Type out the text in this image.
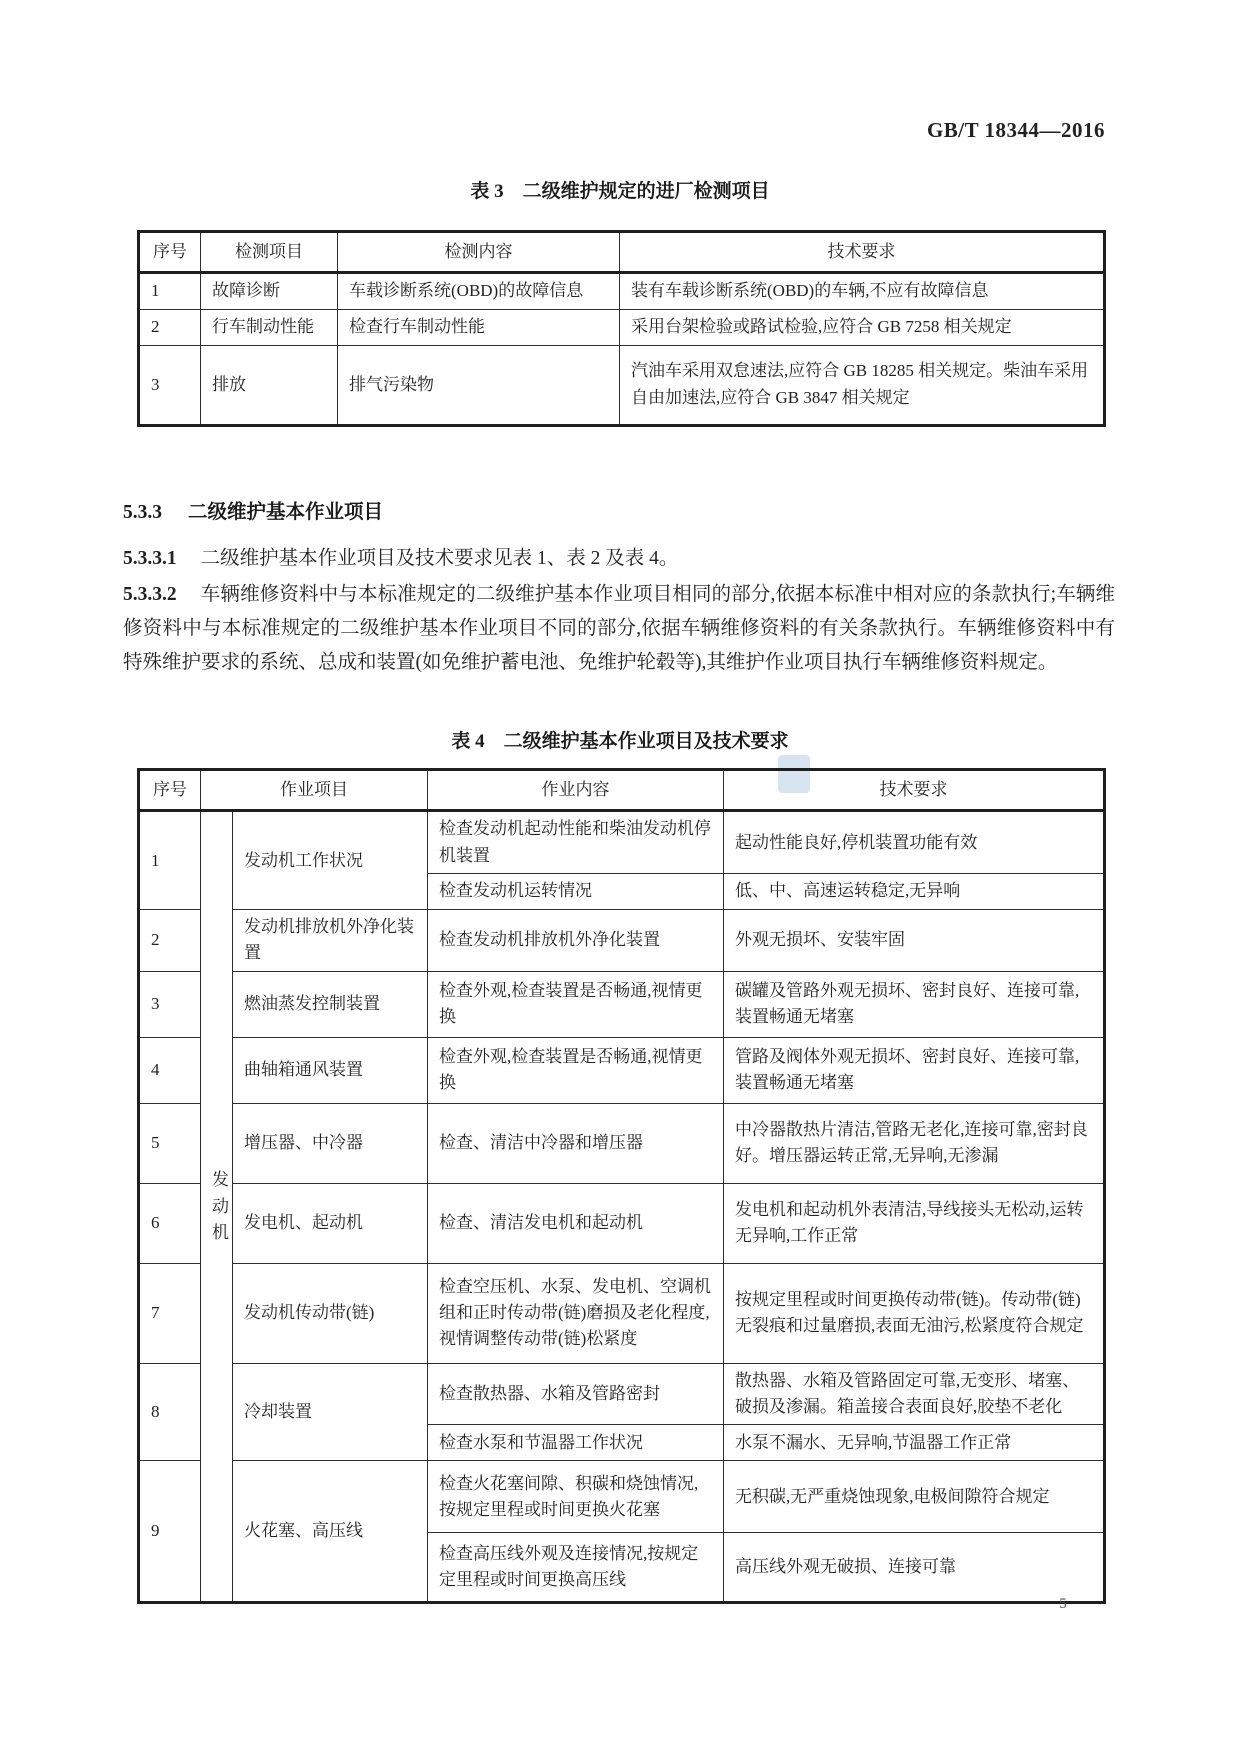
GB/T 18344—2016
表 3　二级维护规定的进厂检测项目
序号	检测项目	检测内容	技术要求
1	故障诊断	车载诊断系统(OBD)的故障信息	装有车载诊断系统(OBD)的车辆,不应有故障信息
2	行车制动性能	检查行车制动性能	采用台架检验或路试检验,应符合 GB 7258 相关规定
3	排放	排气污染物	汽油车采用双怠速法,应符合 GB 18285 相关规定。柴油车采用自由加速法,应符合 GB 3847 相关规定
5.3.3 二级维护基本作业项目

5.3.3.1 二级维护基本作业项目及技术要求见表 1、表 2 及表 4。

5.3.3.2 车辆维修资料中与本标准规定的二级维护基本作业项目相同的部分,依据本标准中相对应的条款执行;车辆维修资料中与本标准规定的二级维护基本作业项目不同的部分,依据车辆维修资料的有关条款执行。车辆维修资料中有特殊维护要求的系统、总成和装置(如免维护蓄电池、免维护轮毂等),其维护作业项目执行车辆维修资料规定。

表 4　二级维护基本作业项目及技术要求
序号	作业项目		作业内容	技术要求
1	发动机	发动机工作状况	检查发动机起动性能和柴油发动机停机装置	起动性能良好,停机装置功能有效
			检查发动机运转情况	低、中、高速运转稳定,无异响
2		发动机排放机外净化装置	检查发动机排放机外净化装置	外观无损坏、安装牢固
3		燃油蒸发控制装置	检查外观,检查装置是否畅通,视情更换	碳罐及管路外观无损坏、密封良好、连接可靠,装置畅通无堵塞
4		曲轴箱通风装置	检查外观,检查装置是否畅通,视情更换	管路及阀体外观无损坏、密封良好、连接可靠,装置畅通无堵塞
5		增压器、中冷器	检查、清洁中冷器和增压器	中冷器散热片清洁,管路无老化,连接可靠,密封良好。增压器运转正常,无异响,无渗漏
6		发电机、起动机	检查、清洁发电机和起动机	发电机和起动机外表清洁,导线接头无松动,运转无异响,工作正常
7		发动机传动带(链)	检查空压机、水泵、发电机、空调机组和正时传动带(链)磨损及老化程度,视情调整传动带(链)松紧度	按规定里程或时间更换传动带(链)。传动带(链)无裂痕和过量磨损,表面无油污,松紧度符合规定
8		冷却装置	检查散热器、水箱及管路密封	散热器、水箱及管路固定可靠,无变形、堵塞、破损及渗漏。箱盖接合表面良好,胶垫不老化
			检查水泵和节温器工作状况	水泵不漏水、无异响,节温器工作正常
9		火花塞、高压线	检查火花塞间隙、积碳和烧蚀情况,按规定里程或时间更换火花塞	无积碳,无严重烧蚀现象,电极间隙符合规定
			检查高压线外观及连接情况,按规定定里程或时间更换高压线	高压线外观无破损、连接可靠
5
